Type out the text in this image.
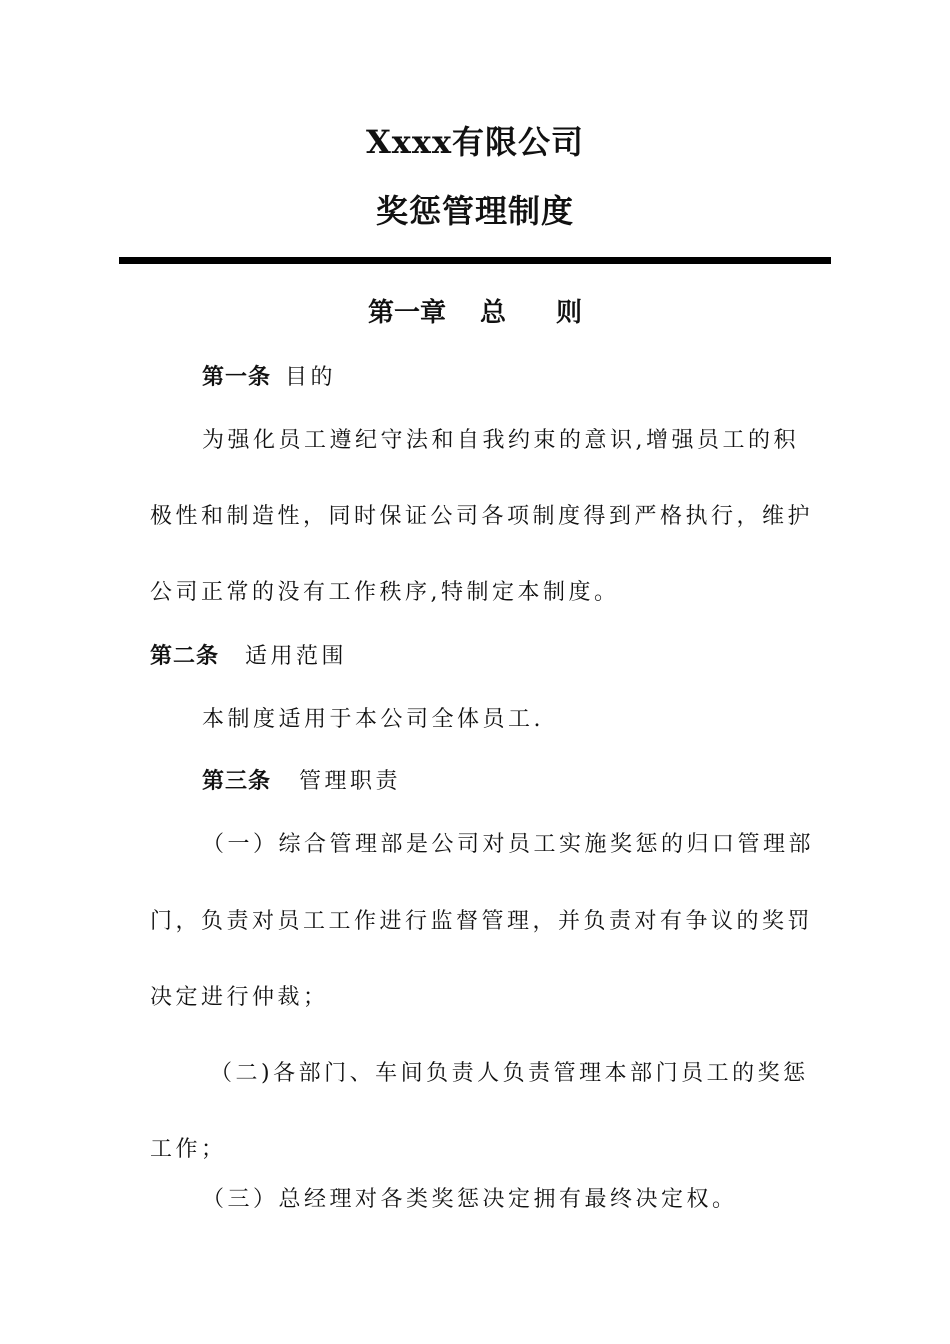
Xxxx有限公司
奖惩管理制度
第一章 总 则
第一条 目的
为强化员工遵纪守法和自我约束的意识,增强员工的积
极性和制造性，同时保证公司各项制度得到严格执行，维护
公司正常的没有工作秩序,特制定本制度。
第二条 适用范围
本制度适用于本公司全体员工.
第三条 管理职责
（一）综合管理部是公司对员工实施奖惩的归口管理部
门，负责对员工工作进行监督管理，并负责对有争议的奖罚
决定进行仲裁；
（二)各部门、车间负责人负责管理本部门员工的奖惩
工作；
（三）总经理对各类奖惩决定拥有最终决定权。
